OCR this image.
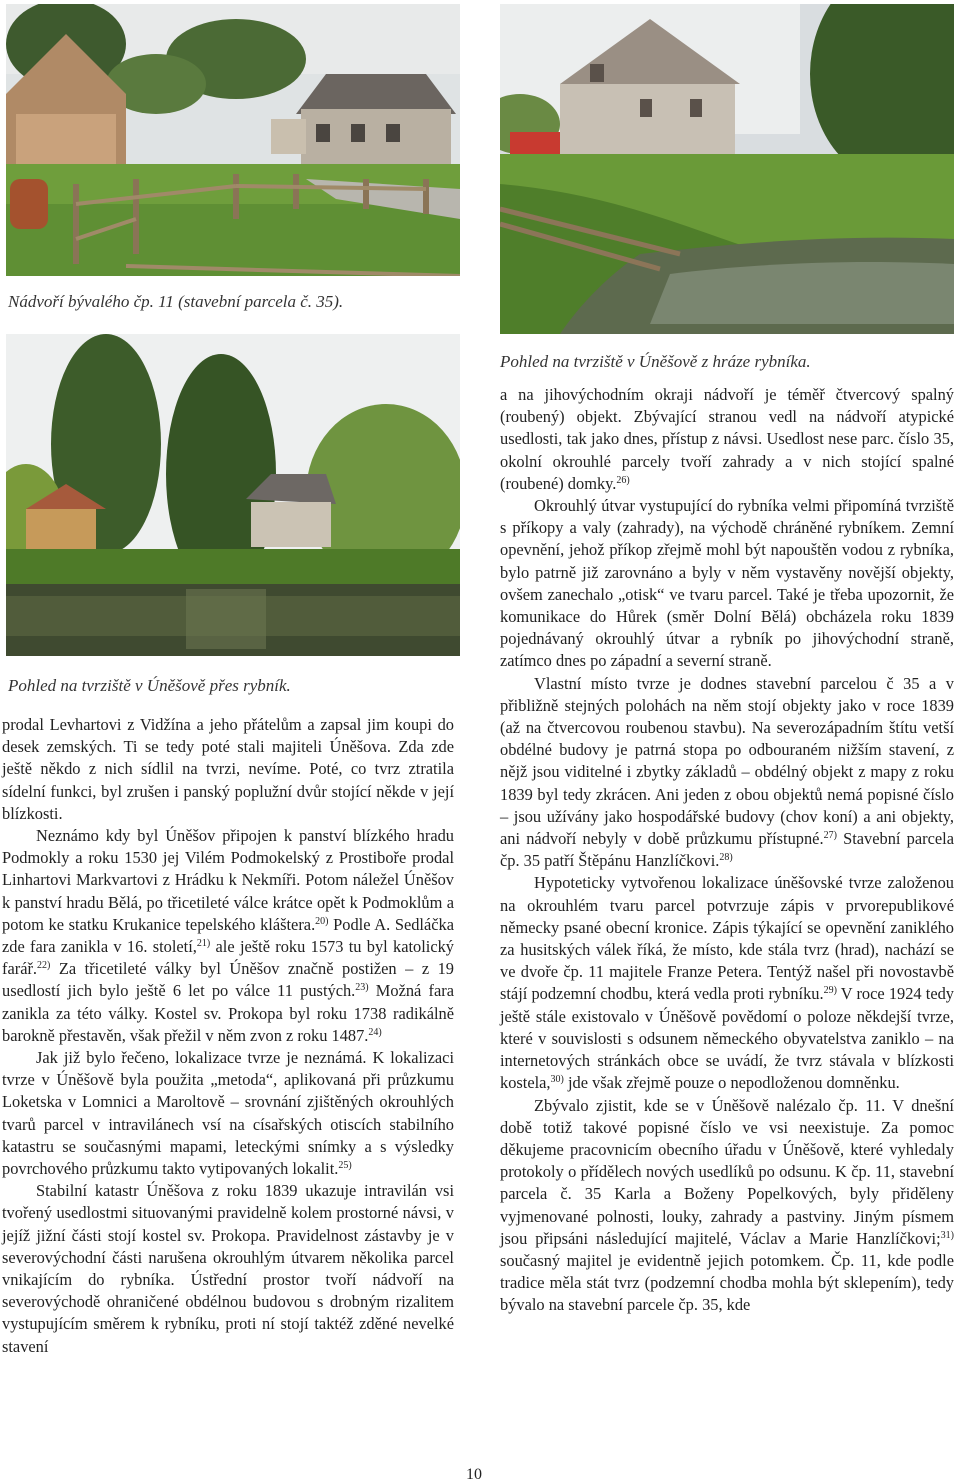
Nádvoří bývalého čp. 11 (stavební parcela č. 35).
Pohled na tvrziště v Úněšově z hráze rybníka.
Pohled na tvrziště v Úněšově přes rybník.

prodal Levhartovi z Vidžína a jeho přátelům a zapsal jim koupi do desek zemských. Ti se tedy poté stali majiteli Úněšova. Zda zde ještě někdo z nich sídlil na tvrzi, nevíme. Poté, co tvrz ztratila sídelní funkci, byl zrušen i panský poplužní dvůr stojící někde v její blízkosti.

Neznámo kdy byl Úněšov připojen k panství blízkého hradu Podmokly a roku 1530 jej Vilém Podmokelský z Prostiboře prodal Linhartovi Markvartovi z Hrádku k Nekmíři. Potom náležel Úněšov k panství hradu Bělá, po třicetileté válce krátce opět k Podmoklům a potom ke statku Krukanice tepelského kláštera.$^{20)}$ Podle A. Sedláčka zde fara zanikla v 16. století,$^{21)}$ ale ještě roku 1573 tu byl katolický farář.$^{22)}$ Za třicetileté války byl Úněšov značně postižen – z 19 usedlostí jich bylo ještě 6 let po válce 11 pustých.$^{23)}$ Možná fara zanikla za této války. Kostel sv. Prokopa byl roku 1738 radikálně barokně přestavěn, však přežil v něm zvon z roku 1487.$^{24)}$

Jak již bylo řečeno, lokalizace tvrze je neznámá. K lokalizaci tvrze v Úněšově byla použita „metoda“, aplikovaná při průzkumu Loketska v Lomnici a Maroltově – srovnání zjištěných okrouhlých tvarů parcel v intravilánech vsí na císařských otiscích stabilního katastru se současnými mapami, leteckými snímky a s výsledky povrchového průzkumu takto vytipovaných lokalit.$^{25)}$

Stabilní katastr Úněšova z roku 1839 ukazuje intravilán vsi tvořený usedlostmi situovanými pravidelně kolem prostorné návsi, v jejíž jižní části stojí kostel sv. Prokopa. Pravidelnost zástavby je v severovýchodní části narušena okrouhlým útvarem několika parcel vnikajícím do rybníka. Ústřední prostor tvoří nádvoří na severovýchodě ohraničené obdélnou budovou s drobným rizalitem vystupujícím směrem k rybníku, proti ní stojí taktéž zděné nevelké stavení

a na jihovýchodním okraji nádvoří je téměř čtvercový spalný (roubený) objekt. Zbývající stranou vedl na nádvoří atypické usedlosti, tak jako dnes, přístup z návsi. Usedlost nese parc. číslo 35, okolní okrouhlé parcely tvoří zahrady a v nich stojící spalné (roubené) domky.$^{26)}$

Okrouhlý útvar vystupující do rybníka velmi připomíná tvrziště s příkopy a valy (zahrady), na východě chráněné rybníkem. Zemní opevnění, jehož příkop zřejmě mohl být napouštěn vodou z rybníka, bylo patrně již zarovnáno a byly v něm vystavěny novější objekty, ovšem zanechalo „otisk“ ve tvaru parcel. Také je třeba upozornit, že komunikace do Hůrek (směr Dolní Bělá) obcházela roku 1839 pojednávaný okrouhlý útvar a rybník po jihovýchodní straně, zatímco dnes po západní a severní straně.

Vlastní místo tvrze je dodnes stavební parcelou č 35 a v přibližně stejných polohách na něm stojí objekty jako v roce 1839 (až na čtvercovou roubenou stavbu). Na severozápadním štítu vetší obdélné budovy je patrná stopa po odbouraném nižším stavení, z nějž jsou viditelné i zbytky základů – obdélný objekt z mapy z roku 1839 byl tedy zkrácen. Ani jeden z obou objektů nemá popisné číslo – jsou užívány jako hospodářské budovy (chov koní) a ani objekty, ani nádvoří nebyly v době průzkumu přístupné.$^{27)}$ Stavební parcela čp. 35 patří Štěpánu Hanzlíčkovi.$^{28)}$

Hypoteticky vytvořenou lokalizace úněšovské tvrze založenou na okrouhlém tvaru parcel potvrzuje zápis v prvorepublikové německy psané obecní kronice. Zápis týkající se opevnění zaniklého za husitských válek říká, že místo, kde stála tvrz (hrad), nachází se ve dvoře čp. 11 majitele Franze Petera. Tentýž našel při novostavbě stájí podzemní chodbu, která vedla proti rybníku.$^{29)}$ V roce 1924 tedy ještě stále existovalo v Úněšově povědomí o poloze někdejší tvrze, které v souvislosti s odsunem německého obyvatelstva zaniklo – na internetových stránkách obce se uvádí, že tvrz stávala v blízkosti kostela,$^{30)}$ jde však zřejmě pouze o nepodloženou domněnku.

Zbývalo zjistit, kde se v Úněšově nalézalo čp. 11. V dnešní době totiž takové popisné číslo ve vsi neexistuje. Za pomoc děkujeme pracovnicím obecního úřadu v Úněšově, které vyhledaly protokoly o přídělech nových usedlíků po odsunu. K čp. 11, stavební parcela č. 35 Karla a Boženy Popelkových, byly přiděleny vyjmenované polnosti, louky, zahrady a pastviny. Jiným písmem jsou připsáni následující majitelé, Václav a Marie Hanzlíčkovi;$^{31)}$ současný majitel je evidentně jejich potomkem. Čp. 11, kde podle tradice měla stát tvrz (podzemní chodba mohla být sklepením), tedy bývalo na stavební parcele čp. 35, kde

10
